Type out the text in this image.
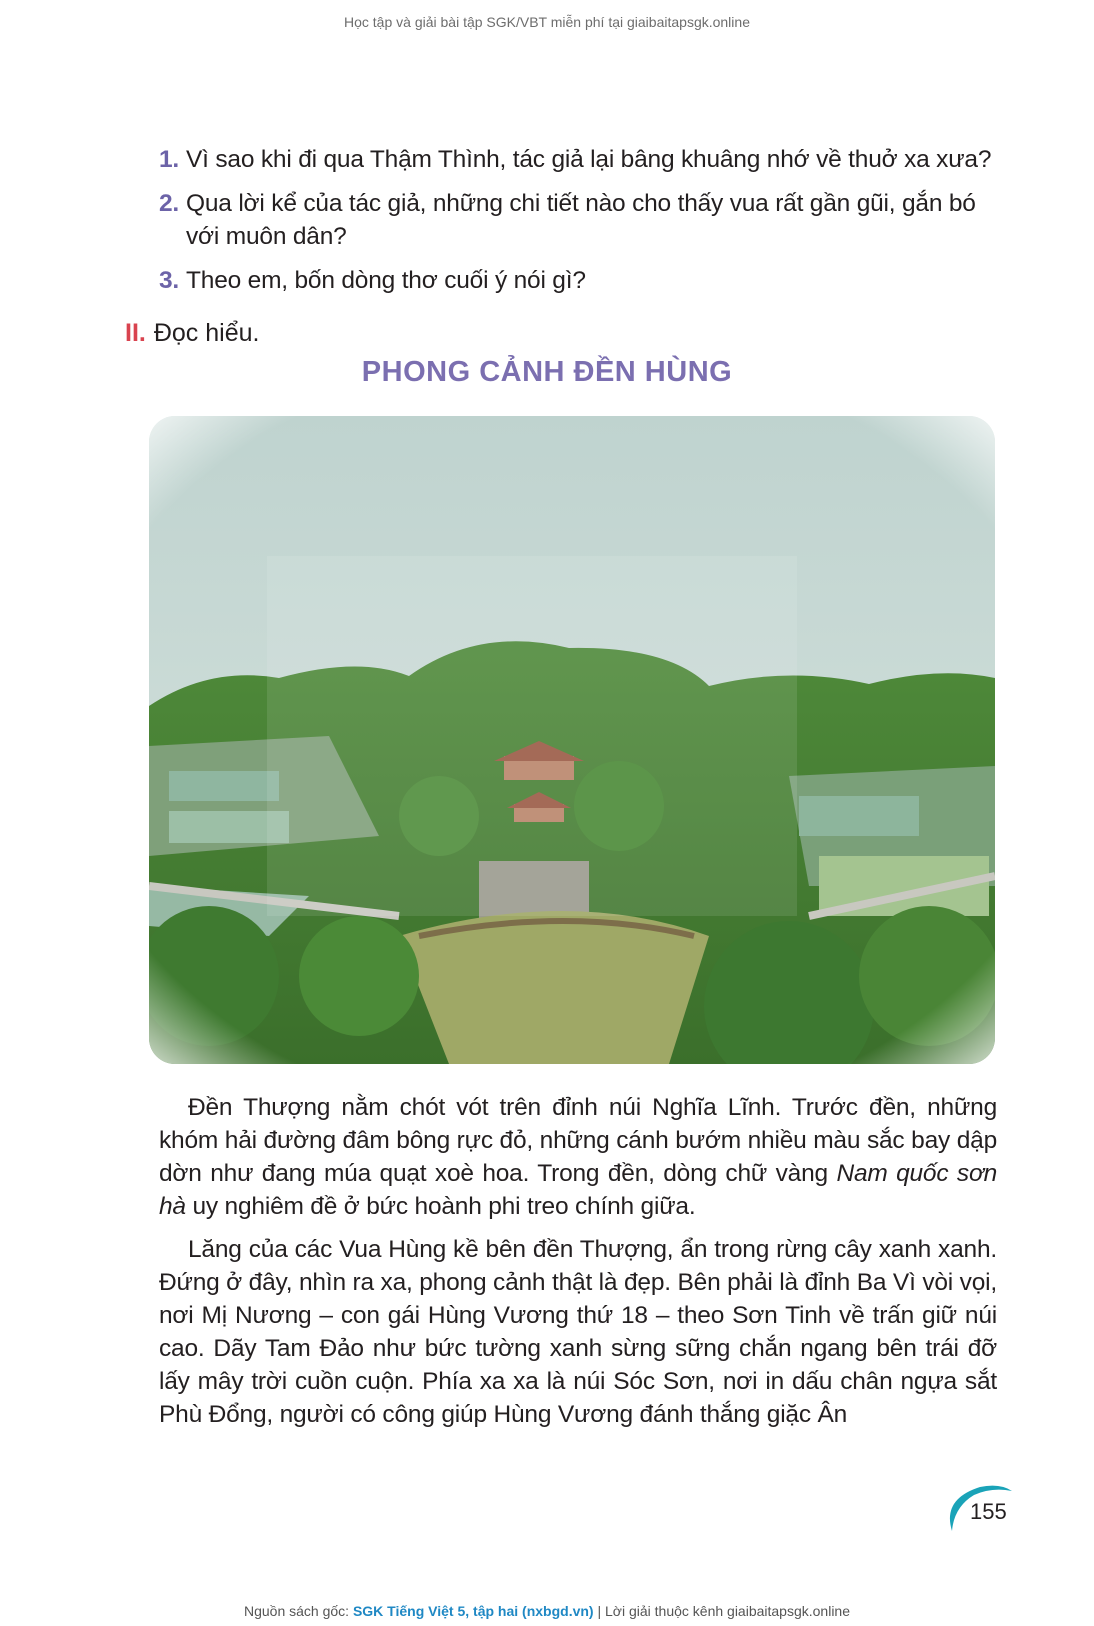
Học tập và giải bài tập SGK/VBT miễn phí tại giaibaitapsgk.online
1. Vì sao khi đi qua Thậm Thình, tác giả lại bâng khuâng nhớ về thuở xa xưa?
2. Qua lời kể của tác giả, những chi tiết nào cho thấy vua rất gần gũi, gắn bó với muôn dân?
3. Theo em, bốn dòng thơ cuối ý nói gì?
II. Đọc hiểu.
PHONG CẢNH ĐỀN HÙNG

Đền Thượng nằm chót vót trên đỉnh núi Nghĩa Lĩnh. Trước đền, những khóm hải đường đâm bông rực đỏ, những cánh bướm nhiều màu sắc bay dập dờn như đang múa quạt xoè hoa. Trong đền, dòng chữ vàng Nam quốc sơn hà uy nghiêm đề ở bức hoành phi treo chính giữa.

Lăng của các Vua Hùng kề bên đền Thượng, ẩn trong rừng cây xanh xanh. Đứng ở đây, nhìn ra xa, phong cảnh thật là đẹp. Bên phải là đỉnh Ba Vì vòi vọi, nơi Mị Nương – con gái Hùng Vương thứ 18 – theo Sơn Tinh về trấn giữ núi cao. Dãy Tam Đảo như bức tường xanh sừng sững chắn ngang bên trái đỡ lấy mây trời cuồn cuộn. Phía xa xa là núi Sóc Sơn, nơi in dấu chân ngựa sắt Phù Đổng, người có công giúp Hùng Vương đánh thắng giặc Ân

155
Nguồn sách gốc: SGK Tiếng Việt 5, tập hai (nxbgd.vn) | Lời giải thuộc kênh giaibaitapsgk.online
